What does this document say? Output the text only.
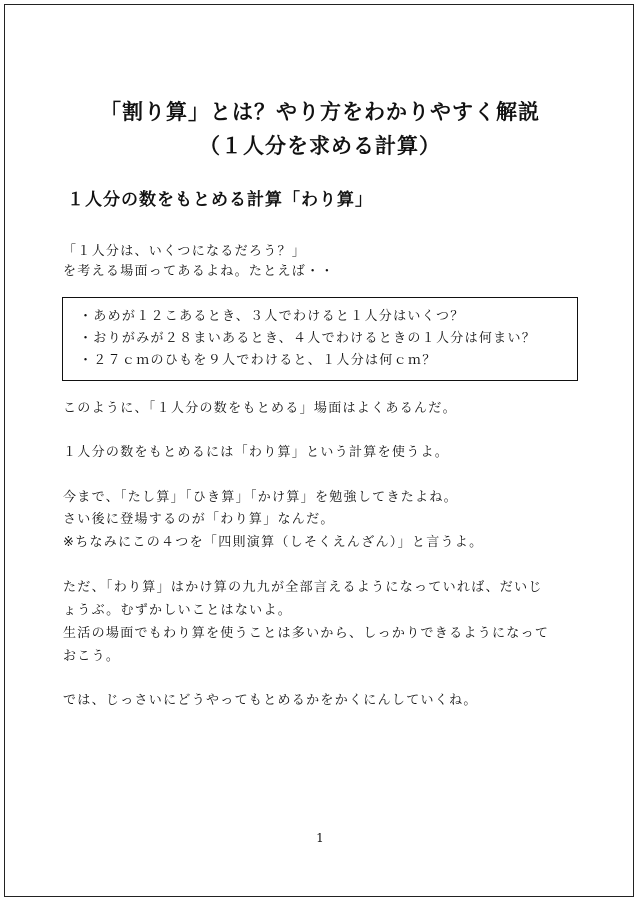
「割り算」とは？やり方をわかりやすく解説
（１人分を求める計算）
１人分の数をもとめる計算「わり算」
「１人分は、いくつになるだろう？」
を考える場面ってあるよね。たとえば・・
・あめが１２こあるとき、３人でわけると１人分はいくつ？
・おりがみが２８まいあるとき、４人でわけるときの１人分は何まい？
・２７ｃｍのひもを９人でわけると、１人分は何ｃｍ？
このように、「１人分の数をもとめる」場面はよくあるんだ。
１人分の数をもとめるには「わり算」という計算を使うよ。
今まで、「たし算」「ひき算」「かけ算」を勉強してきたよね。
さい後に登場するのが「わり算」なんだ。
※ちなみにこの４つを「四則演算（しそくえんざん）」と言うよ。
ただ、「わり算」はかけ算の九九が全部言えるようになっていれば、だいじ
ょうぶ。むずかしいことはないよ。
生活の場面でもわり算を使うことは多いから、しっかりできるようになって
おこう。
では、じっさいにどうやってもとめるかをかくにんしていくね。
1
